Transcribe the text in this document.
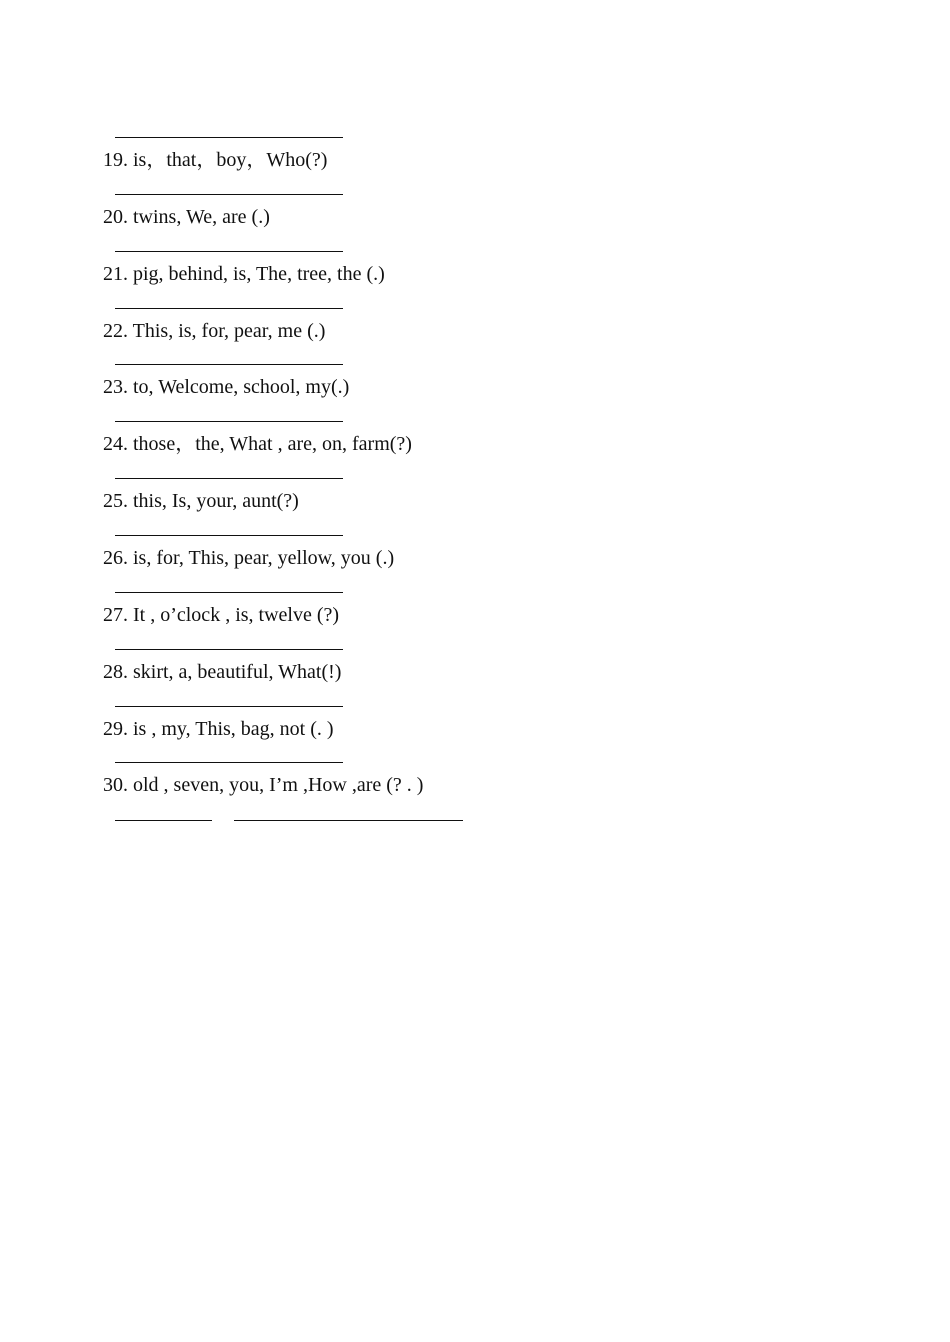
19. is，that，boy，Who(?)
20. twins, We, are (.)
21. pig, behind, is, The, tree, the (.)
22. This, is, for, pear, me (.)
23. to, Welcome, school, my(.)
24. those，the, What , are, on, farm(?)
25. this, Is, your, aunt(?)
26. is, for, This, pear, yellow, you (.)
27. It , o’clock , is, twelve (?)
28. skirt, a, beautiful, What(!)
29. is , my, This, bag, not (. )
30. old , seven, you, I’m ,How ,are (? . )
